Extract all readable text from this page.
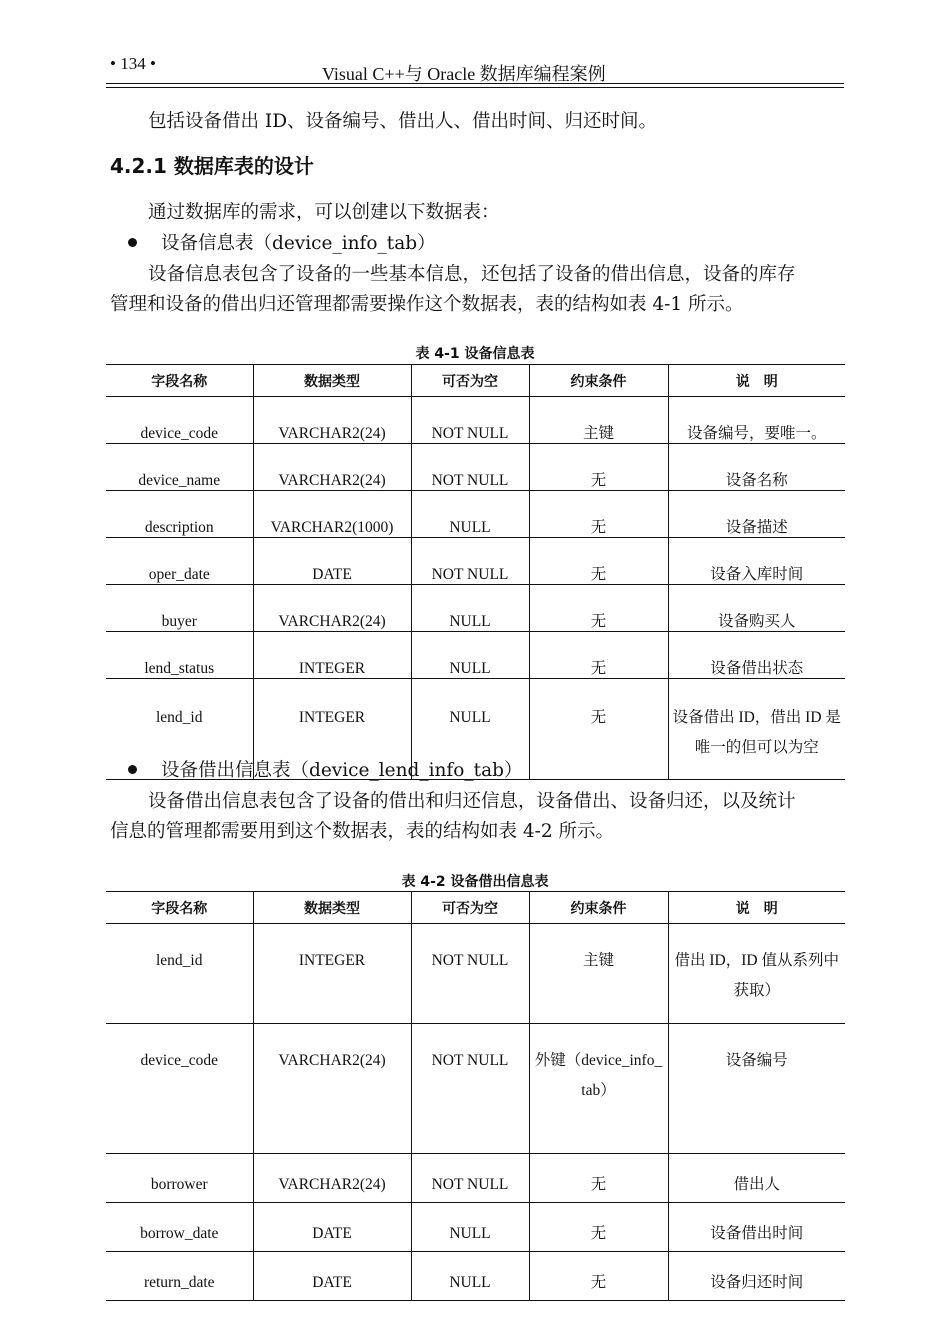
• 134 •
Visual C++与 Oracle 数据库编程案例
包括设备借出 ID、设备编号、借出人、借出时间、归还时间。
4.2.1 数据库表的设计
通过数据库的需求，可以创建以下数据表：
设备信息表（device_info_tab）
设备信息表包含了设备的一些基本信息，还包括了设备的借出信息，设备的库存
管理和设备的借出归还管理都需要操作这个数据表，表的结构如表 4-1 所示。
表 4-1 设备信息表
字段名称	数据类型	可否为空	约束条件	说　明
device_code	VARCHAR2(24)	NOT NULL	主键	设备编号，要唯一。
device_name	VARCHAR2(24)	NOT NULL	无	设备名称
description	VARCHAR2(1000)	NULL	无	设备描述
oper_date	DATE	NOT NULL	无	设备入库时间
buyer	VARCHAR2(24)	NULL	无	设备购买人
lend_status	INTEGER	NULL	无	设备借出状态
lend_id	INTEGER	NULL	无	设备借出 ID，借出 ID 是唯一的但可以为空
设备借出信息表（device_lend_info_tab）
设备借出信息表包含了设备的借出和归还信息，设备借出、设备归还，以及统计
信息的管理都需要用到这个数据表，表的结构如表 4-2 所示。
表 4-2 设备借出信息表
字段名称	数据类型	可否为空	约束条件	说　明
lend_id	INTEGER	NOT NULL	主键	借出 ID，ID 值从系列中获取）
device_code	VARCHAR2(24)	NOT NULL	外键（device_info_tab）	设备编号
borrower	VARCHAR2(24)	NOT NULL	无	借出人
borrow_date	DATE	NULL	无	设备借出时间
return_date	DATE	NULL	无	设备归还时间
